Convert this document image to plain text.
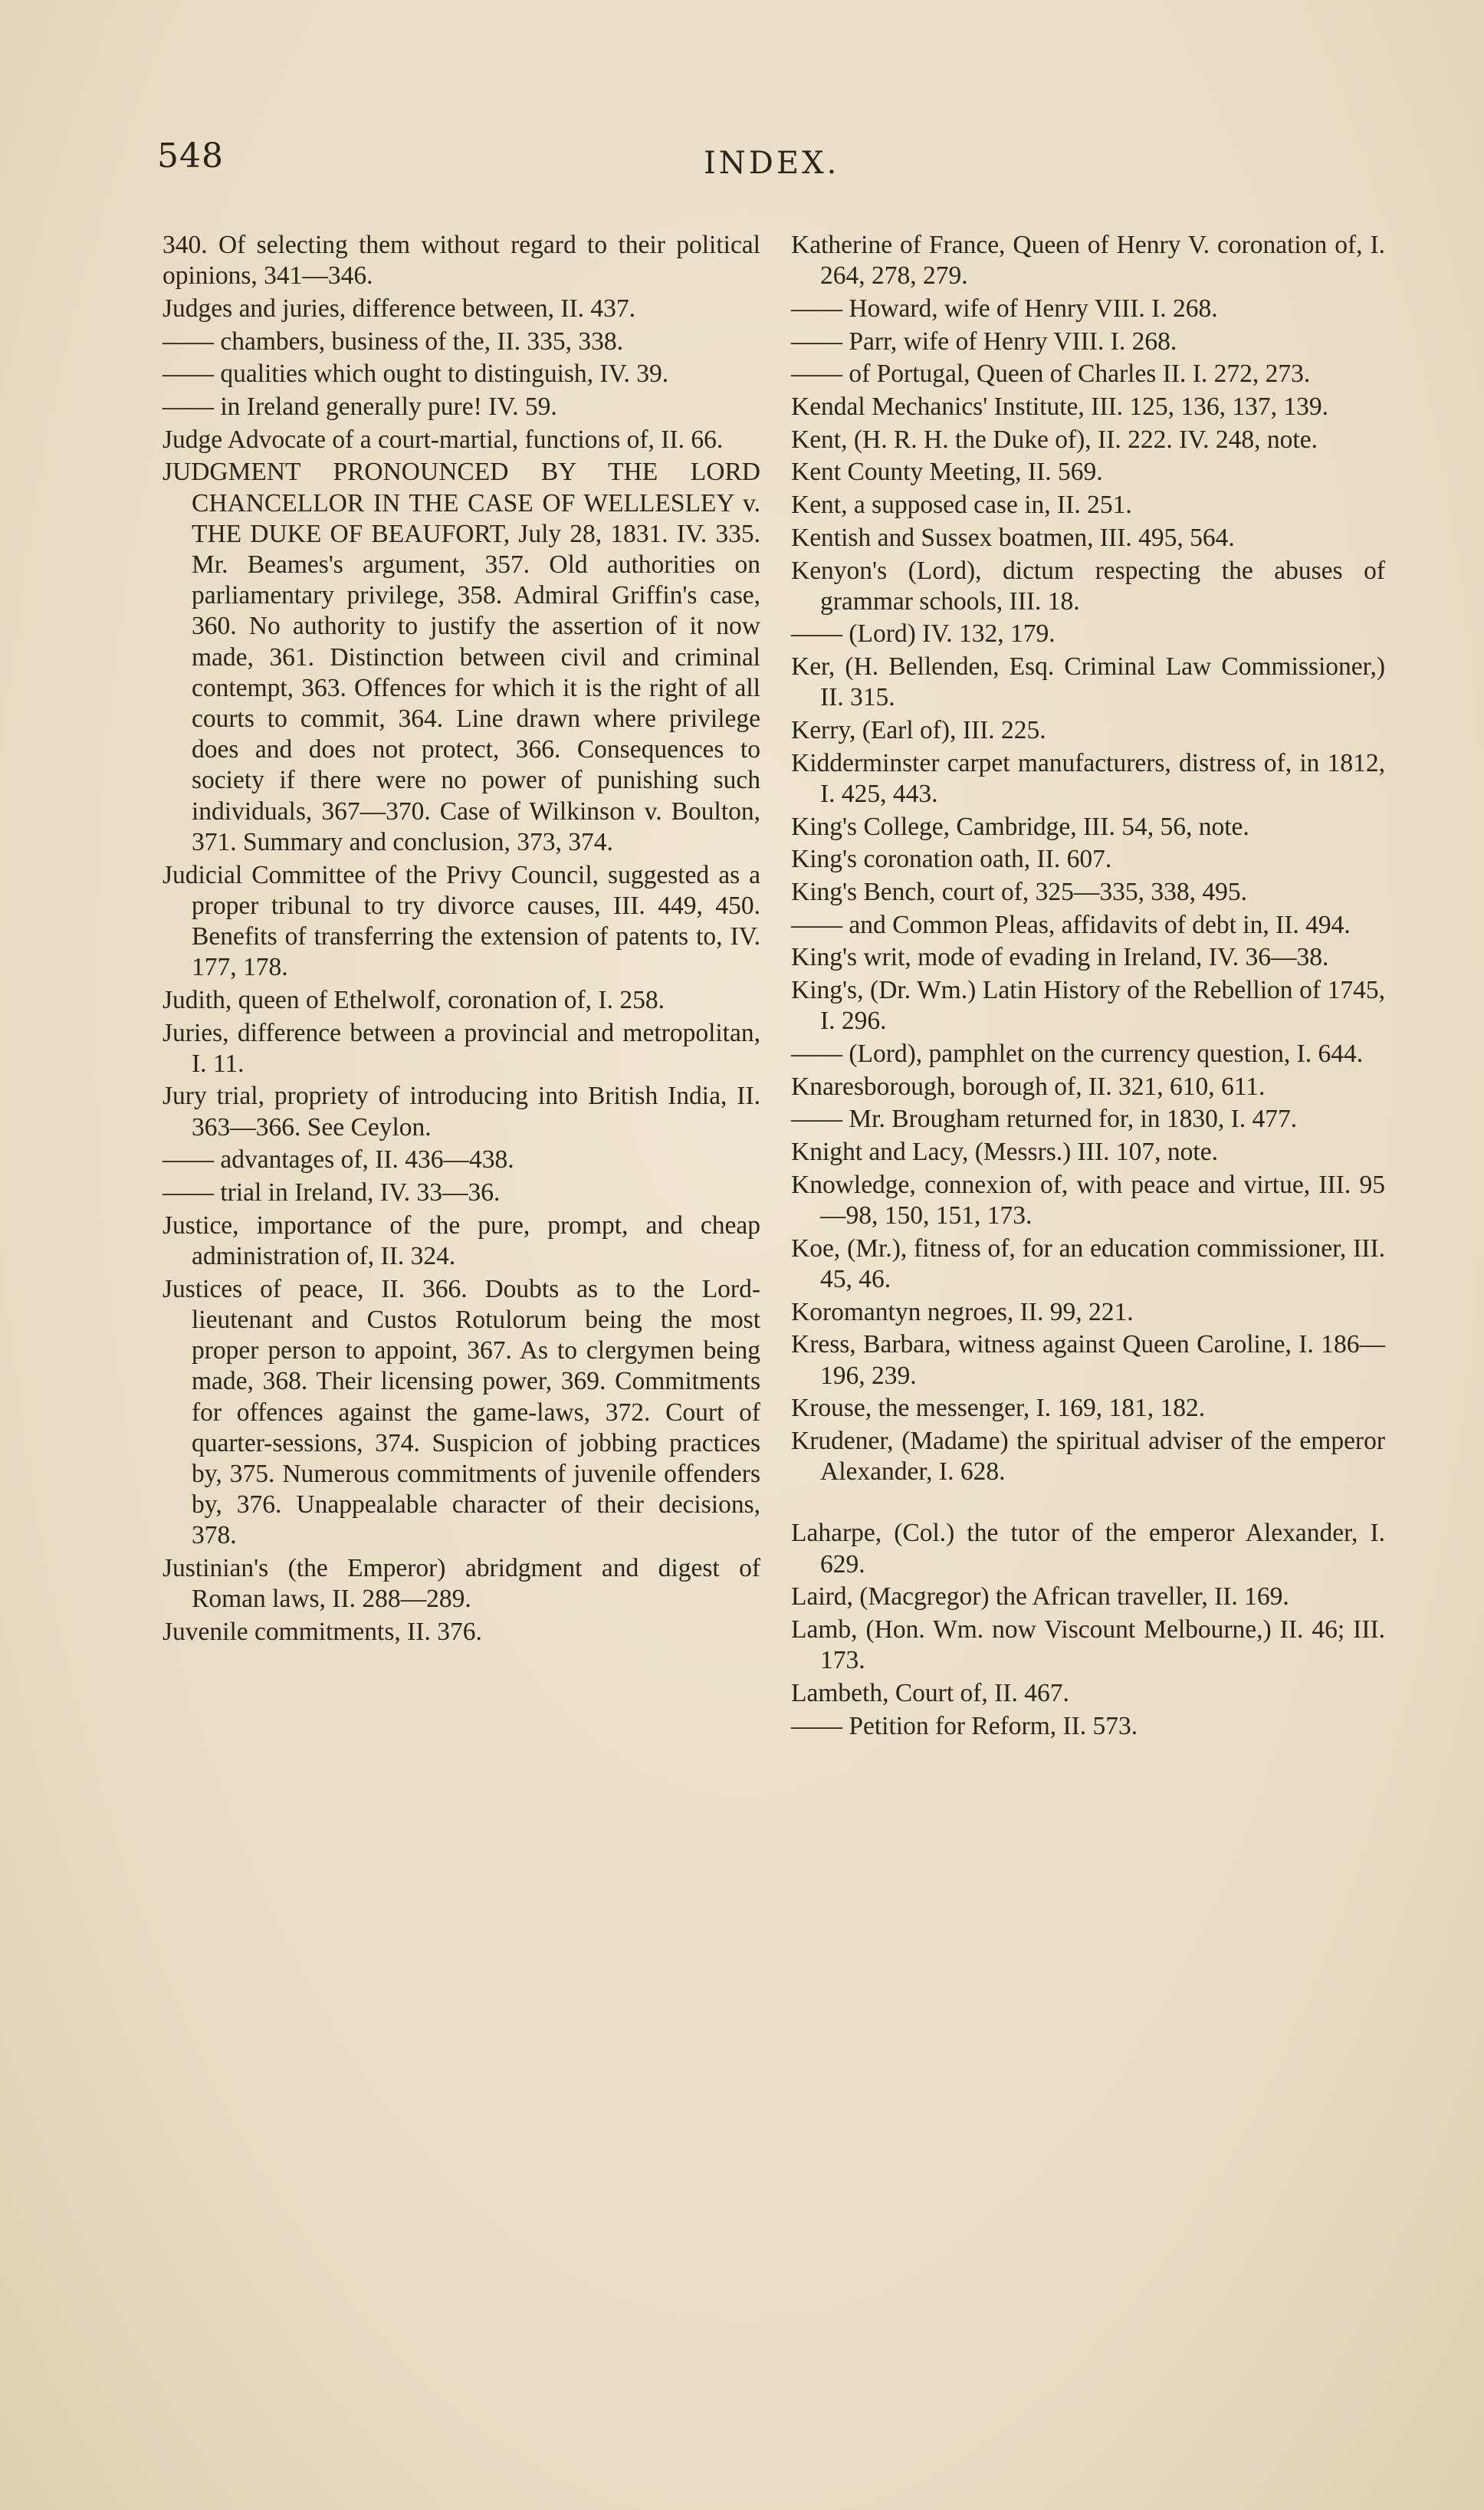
548	INDEX.

340. Of selecting them without regard to their political opinions, 341—346.

Judges and juries, difference between, II. 437.

—— chambers, business of the, II. 335, 338.

—— qualities which ought to distinguish, IV. 39.

—— in Ireland generally pure! IV. 59.

Judge Advocate of a court-martial, functions of, II. 66.

JUDGMENT PRONOUNCED BY THE LORD CHANCELLOR IN THE CASE OF WELLESLEY v. THE DUKE OF BEAUFORT, July 28, 1831. IV. 335. Mr. Beames's argument, 357. Old authorities on parliamentary privilege, 358. Admiral Griffin's case, 360. No authority to justify the assertion of it now made, 361. Distinction between civil and criminal contempt, 363. Offences for which it is the right of all courts to commit, 364. Line drawn where privilege does and does not protect, 366. Consequences to society if there were no power of punishing such individuals, 367—370. Case of Wilkinson v. Boulton, 371. Summary and conclusion, 373, 374.

Judicial Committee of the Privy Council, suggested as a proper tribunal to try divorce causes, III. 449, 450. Benefits of transferring the extension of patents to, IV. 177, 178.

Judith, queen of Ethelwolf, coronation of, I. 258.

Juries, difference between a provincial and metropolitan, I. 11.

Jury trial, propriety of introducing into British India, II. 363—366. See Ceylon.

—— advantages of, II. 436—438.

—— trial in Ireland, IV. 33—36.

Justice, importance of the pure, prompt, and cheap administration of, II. 324.

Justices of peace, II. 366. Doubts as to the Lord-lieutenant and Custos Rotulorum being the most proper person to appoint, 367. As to clergymen being made, 368. Their licensing power, 369. Commitments for offences against the game-laws, 372. Court of quarter-sessions, 374. Suspicion of jobbing practices by, 375. Numerous commitments of juvenile offenders by, 376. Unappealable character of their decisions, 378.

Justinian's (the Emperor) abridgment and digest of Roman laws, II. 288—289.

Juvenile commitments, II. 376.

Katherine of France, Queen of Henry V. coronation of, I. 264, 278, 279.

—— Howard, wife of Henry VIII. I. 268.

—— Parr, wife of Henry VIII. I. 268.

—— of Portugal, Queen of Charles II. I. 272, 273.

Kendal Mechanics' Institute, III. 125, 136, 137, 139.

Kent, (H. R. H. the Duke of), II. 222. IV. 248, note.

Kent County Meeting, II. 569.

Kent, a supposed case in, II. 251.

Kentish and Sussex boatmen, III. 495, 564.

Kenyon's (Lord), dictum respecting the abuses of grammar schools, III. 18.

—— (Lord) IV. 132, 179.

Ker, (H. Bellenden, Esq. Criminal Law Commissioner,) II. 315.

Kerry, (Earl of), III. 225.

Kidderminster carpet manufacturers, distress of, in 1812, I. 425, 443.

King's College, Cambridge, III. 54, 56, note.

King's coronation oath, II. 607.

King's Bench, court of, 325—335, 338, 495.

—— and Common Pleas, affidavits of debt in, II. 494.

King's writ, mode of evading in Ireland, IV. 36—38.

King's, (Dr. Wm.) Latin History of the Rebellion of 1745, I. 296.

—— (Lord), pamphlet on the currency question, I. 644.

Knaresborough, borough of, II. 321, 610, 611.

—— Mr. Brougham returned for, in 1830, I. 477.

Knight and Lacy, (Messrs.) III. 107, note.

Knowledge, connexion of, with peace and virtue, III. 95—98, 150, 151, 173.

Koe, (Mr.), fitness of, for an education commissioner, III. 45, 46.

Koromantyn negroes, II. 99, 221.

Kress, Barbara, witness against Queen Caroline, I. 186—196, 239.

Krouse, the messenger, I. 169, 181, 182.

Krudener, (Madame) the spiritual adviser of the emperor Alexander, I. 628.

Laharpe, (Col.) the tutor of the emperor Alexander, I. 629.

Laird, (Macgregor) the African traveller, II. 169.

Lamb, (Hon. Wm. now Viscount Melbourne,) II. 46; III. 173.

Lambeth, Court of, II. 467.

—— Petition for Reform, II. 573.
